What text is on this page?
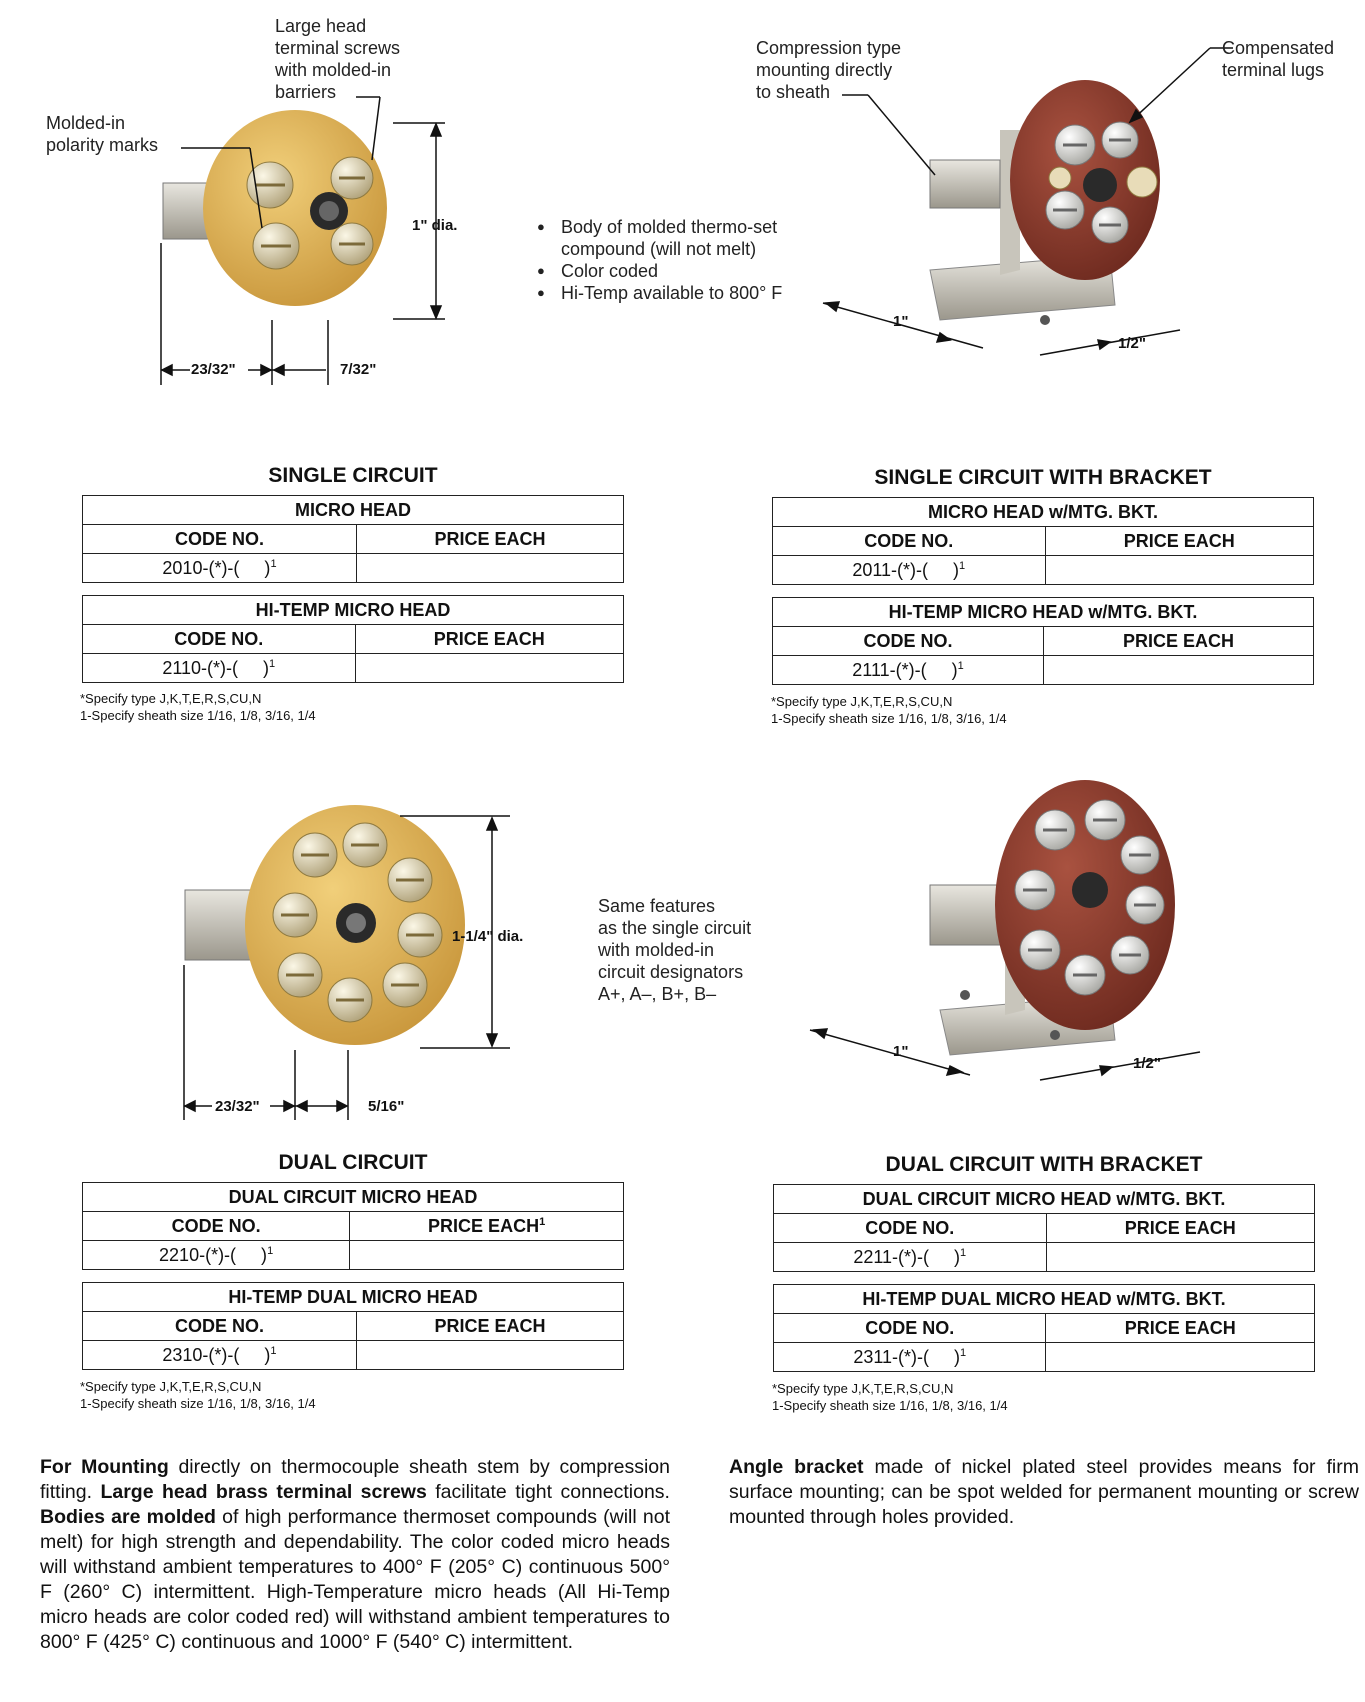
Large head
terminal screws
with molded-in
barriers
Molded-in
polarity marks
1" dia.
23/32"	7/32"
● Body of molded thermo-set compound (will not melt)
● Color coded
● Hi-Temp available to 800° F
Compression type
mounting directly
to sheath
Compensated
terminal lugs
1"
1/2"
SINGLE CIRCUIT
MICRO HEAD	
CODE NO.	PRICE EACH
2010-(*)-(     )$^1$	
HI-TEMP MICRO HEAD	
CODE NO.	PRICE EACH
2110-(*)-(     )$^1$	
*Specify type J,K,T,E,R,S,CU,N
1-Specify sheath size 1/16, 1/8, 3/16, 1/4
SINGLE CIRCUIT WITH BRACKET
MICRO HEAD w/MTG. BKT.	
CODE NO.	PRICE EACH
2011-(*)-(     )$^1$	
HI-TEMP MICRO HEAD w/MTG. BKT.	
CODE NO.	PRICE EACH
2111-(*)-(     )$^1$	
*Specify type J,K,T,E,R,S,CU,N
1-Specify sheath size 1/16, 1/8, 3/16, 1/4
1-1/4" dia.
23/32"	5/16"
Same features
as the single circuit
with molded-in
circuit designators
A+, A–, B+, B–
1"
1/2"
DUAL CIRCUIT
DUAL CIRCUIT MICRO HEAD	
CODE NO.	PRICE EACH$^1$
2210-(*)-(     )$^1$	
HI-TEMP DUAL MICRO HEAD	
CODE NO.	PRICE EACH
2310-(*)-(     )$^1$	
*Specify type J,K,T,E,R,S,CU,N
1-Specify sheath size 1/16, 1/8, 3/16, 1/4
DUAL CIRCUIT WITH BRACKET
DUAL CIRCUIT MICRO HEAD w/MTG. BKT.	
CODE NO.	PRICE EACH
2211-(*)-(     )$^1$	
HI-TEMP DUAL MICRO HEAD w/MTG. BKT.	
CODE NO.	PRICE EACH
2311-(*)-(     )$^1$	
*Specify type J,K,T,E,R,S,CU,N
1-Specify sheath size 1/16, 1/8, 3/16, 1/4
For Mounting directly on thermocouple sheath stem by compression fitting. Large head brass terminal screws facilitate tight connections. Bodies are molded of high performance thermoset compounds (will not melt) for high strength and dependability. The color coded micro heads will withstand ambient temperatures to 400° F (205° C) continuous 500° F (260° C) intermittent. High-Temperature micro heads (All Hi-Temp micro heads are color coded red) will withstand ambient temperatures to 800° F (425° C) continuous and 1000° F (540° C) intermittent.
Angle bracket made of nickel plated steel provides means for firm surface mounting; can be spot welded for permanent mounting or screw mounted through holes provided.
